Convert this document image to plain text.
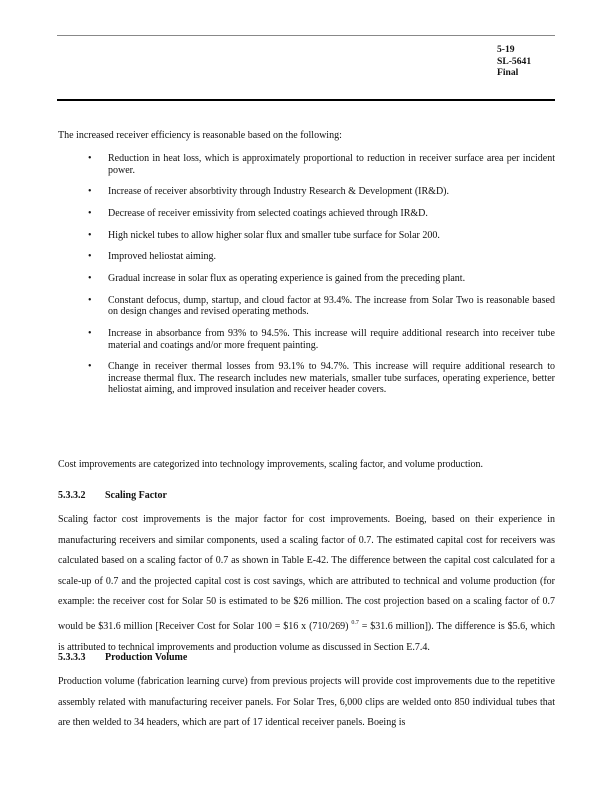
5-19
SL-5641
Final
The increased receiver efficiency is reasonable based on the following:
• Reduction in heat loss, which is approximately proportional to reduction in receiver surface area per incident power.
• Increase of receiver absorbtivity through Industry Research & Development (IR&D).
• Decrease of receiver emissivity from selected coatings achieved through IR&D.
• High nickel tubes to allow higher solar flux and smaller tube surface for Solar 200.
• Improved heliostat aiming.
• Gradual increase in solar flux as operating experience is gained from the preceding plant.
• Constant defocus, dump, startup, and cloud factor at 93.4%. The increase from Solar Two is reasonable based on design changes and revised operating methods.
• Increase in absorbance from 93% to 94.5%. This increase will require additional research into receiver tube material and coatings and/or more frequent painting.
• Change in receiver thermal losses from 93.1% to 94.7%. This increase will require additional research to increase thermal flux. The research includes new materials, smaller tube surfaces, operating experience, better heliostat aiming, and improved insulation and receiver header covers.
Cost improvements are categorized into technology improvements, scaling factor, and volume production.
5.3.3.2 Scaling Factor
Scaling factor cost improvements is the major factor for cost improvements. Boeing, based on their experience in manufacturing receivers and similar components, used a scaling factor of 0.7. The estimated capital cost for receivers was calculated based on a scaling factor of 0.7 as shown in Table E-42. The difference between the capital cost calculated for a scale-up of 0.7 and the projected capital cost is cost savings, which are attributed to technical and volume production (for example: the receiver cost for Solar 50 is estimated to be $26 million. The cost projection based on a scaling factor of 0.7 would be $31.6 million [Receiver Cost for Solar 100 = $16 x (710/269) $^{0.7}$ = $31.6 million]). The difference is $5.6, which is attributed to technical improvements and production volume as discussed in Section E.7.4.
5.3.3.3 Production Volume
Production volume (fabrication learning curve) from previous projects will provide cost improvements due to the repetitive assembly related with manufacturing receiver panels. For Solar Tres, 6,000 clips are welded onto 850 individual tubes that are then welded to 34 headers, which are part of 17 identical receiver panels. Boeing is
